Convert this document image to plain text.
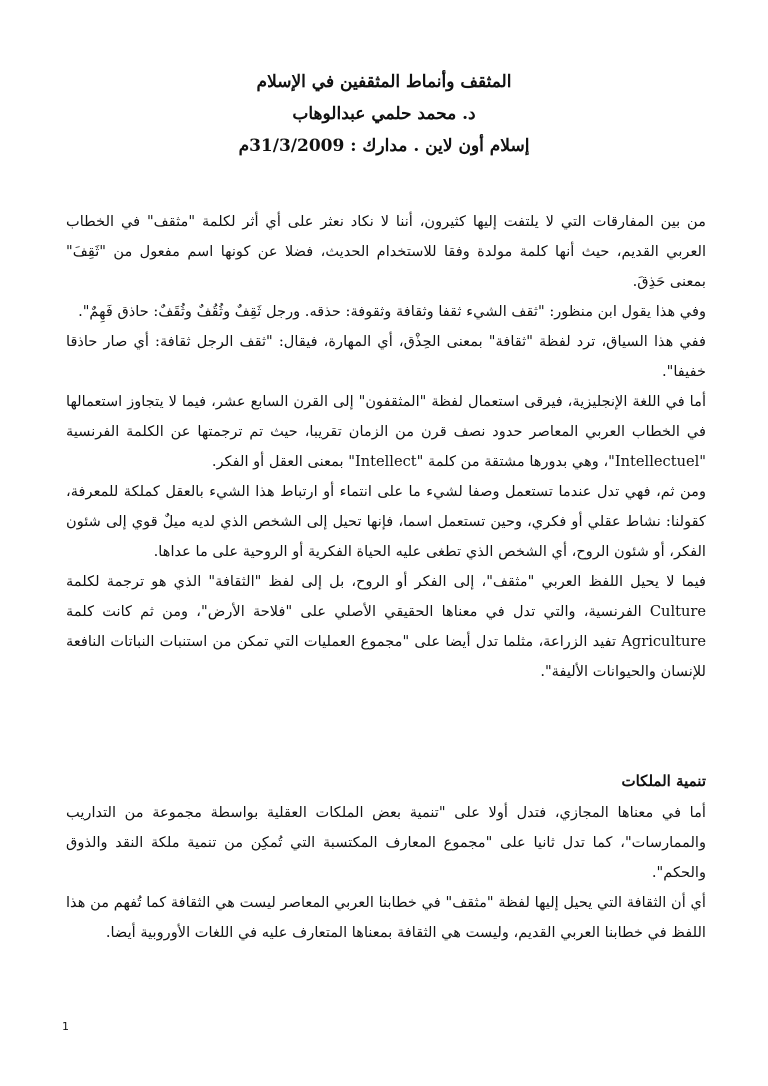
المثقف وأنماط المثقفين في الإسلام
د. محمد حلمي عبدالوهاب
إسلام أون لاين . مدارك : 31/3/2009م

من بين المفارقات التي لا يلتفت إليها كثيرون، أننا لا نكاد نعثر على أي أثر لكلمة "مثقف" في الخطاب العربي القديم، حيث أنها كلمة مولدة وفقا للاستخدام الحديث، فضلا عن كونها اسم مفعول من "ثَقِفَ" بمعنى حَذِقَ.

وفي هذا يقول ابن منظور: "ثقف الشيء ثقفا وثقافة وثقوفة: حذقه. ورجل ثَقِفٌ وثُقُفٌ وثُقَفٌ: حاذق فَهِمٌ".

ففي هذا السياق، ترد لفظة "ثقافة" بمعنى الحِذْق، أي المهارة، فيقال: "ثقف الرجل ثقافة: أي صار حاذقا خفيفا".

أما في اللغة الإنجليزية، فيرقى استعمال لفظة "المثقفون" إلى القرن السابع عشر، فيما لا يتجاوز استعمالها في الخطاب العربي المعاصر حدود نصف قرن من الزمان تقريبا، حيث تم ترجمتها عن الكلمة الفرنسية "Intellectuel"، وهي بدورها مشتقة من كلمة "Intellect" بمعنى العقل أو الفكر.

ومن ثم، فهي تدل عندما تستعمل وصفا لشيء ما على انتماء أو ارتباط هذا الشيء بالعقل كملكة للمعرفة، كقولنا: نشاط عقلي أو فكري، وحين تستعمل اسما، فإنها تحيل إلى الشخص الذي لديه ميلٌ قوي إلى شئون الفكر، أو شئون الروح، أي الشخص الذي تطغى عليه الحياة الفكرية أو الروحية على ما عداها.

فيما لا يحيل اللفظ العربي "مثقف"، إلى الفكر أو الروح، بل إلى لفظ "الثقافة" الذي هو ترجمة لكلمة Culture الفرنسية، والتي تدل في معناها الحقيقي الأصلي على "فلاحة الأرض"، ومن ثم كانت كلمة Agriculture تفيد الزراعة، مثلما تدل أيضا على "مجموع العمليات التي تمكن من استنبات النباتات النافعة للإنسان والحيوانات الأليفة".

تنمية الملكات

أما في معناها المجازي، فتدل أولا على "تنمية بعض الملكات العقلية بواسطة مجموعة من التداريب والممارسات"، كما تدل ثانيا على "مجموع المعارف المكتسبة التي تُمكِن من تنمية ملكة النقد والذوق والحكم".

أي أن الثقافة التي يحيل إليها لفظة "مثقف" في خطابنا العربي المعاصر ليست هي الثقافة كما تُفهم من هذا اللفظ في خطابنا العربي القديم، وليست هي الثقافة بمعناها المتعارف عليه في اللغات الأوروبية أيضا.

1
